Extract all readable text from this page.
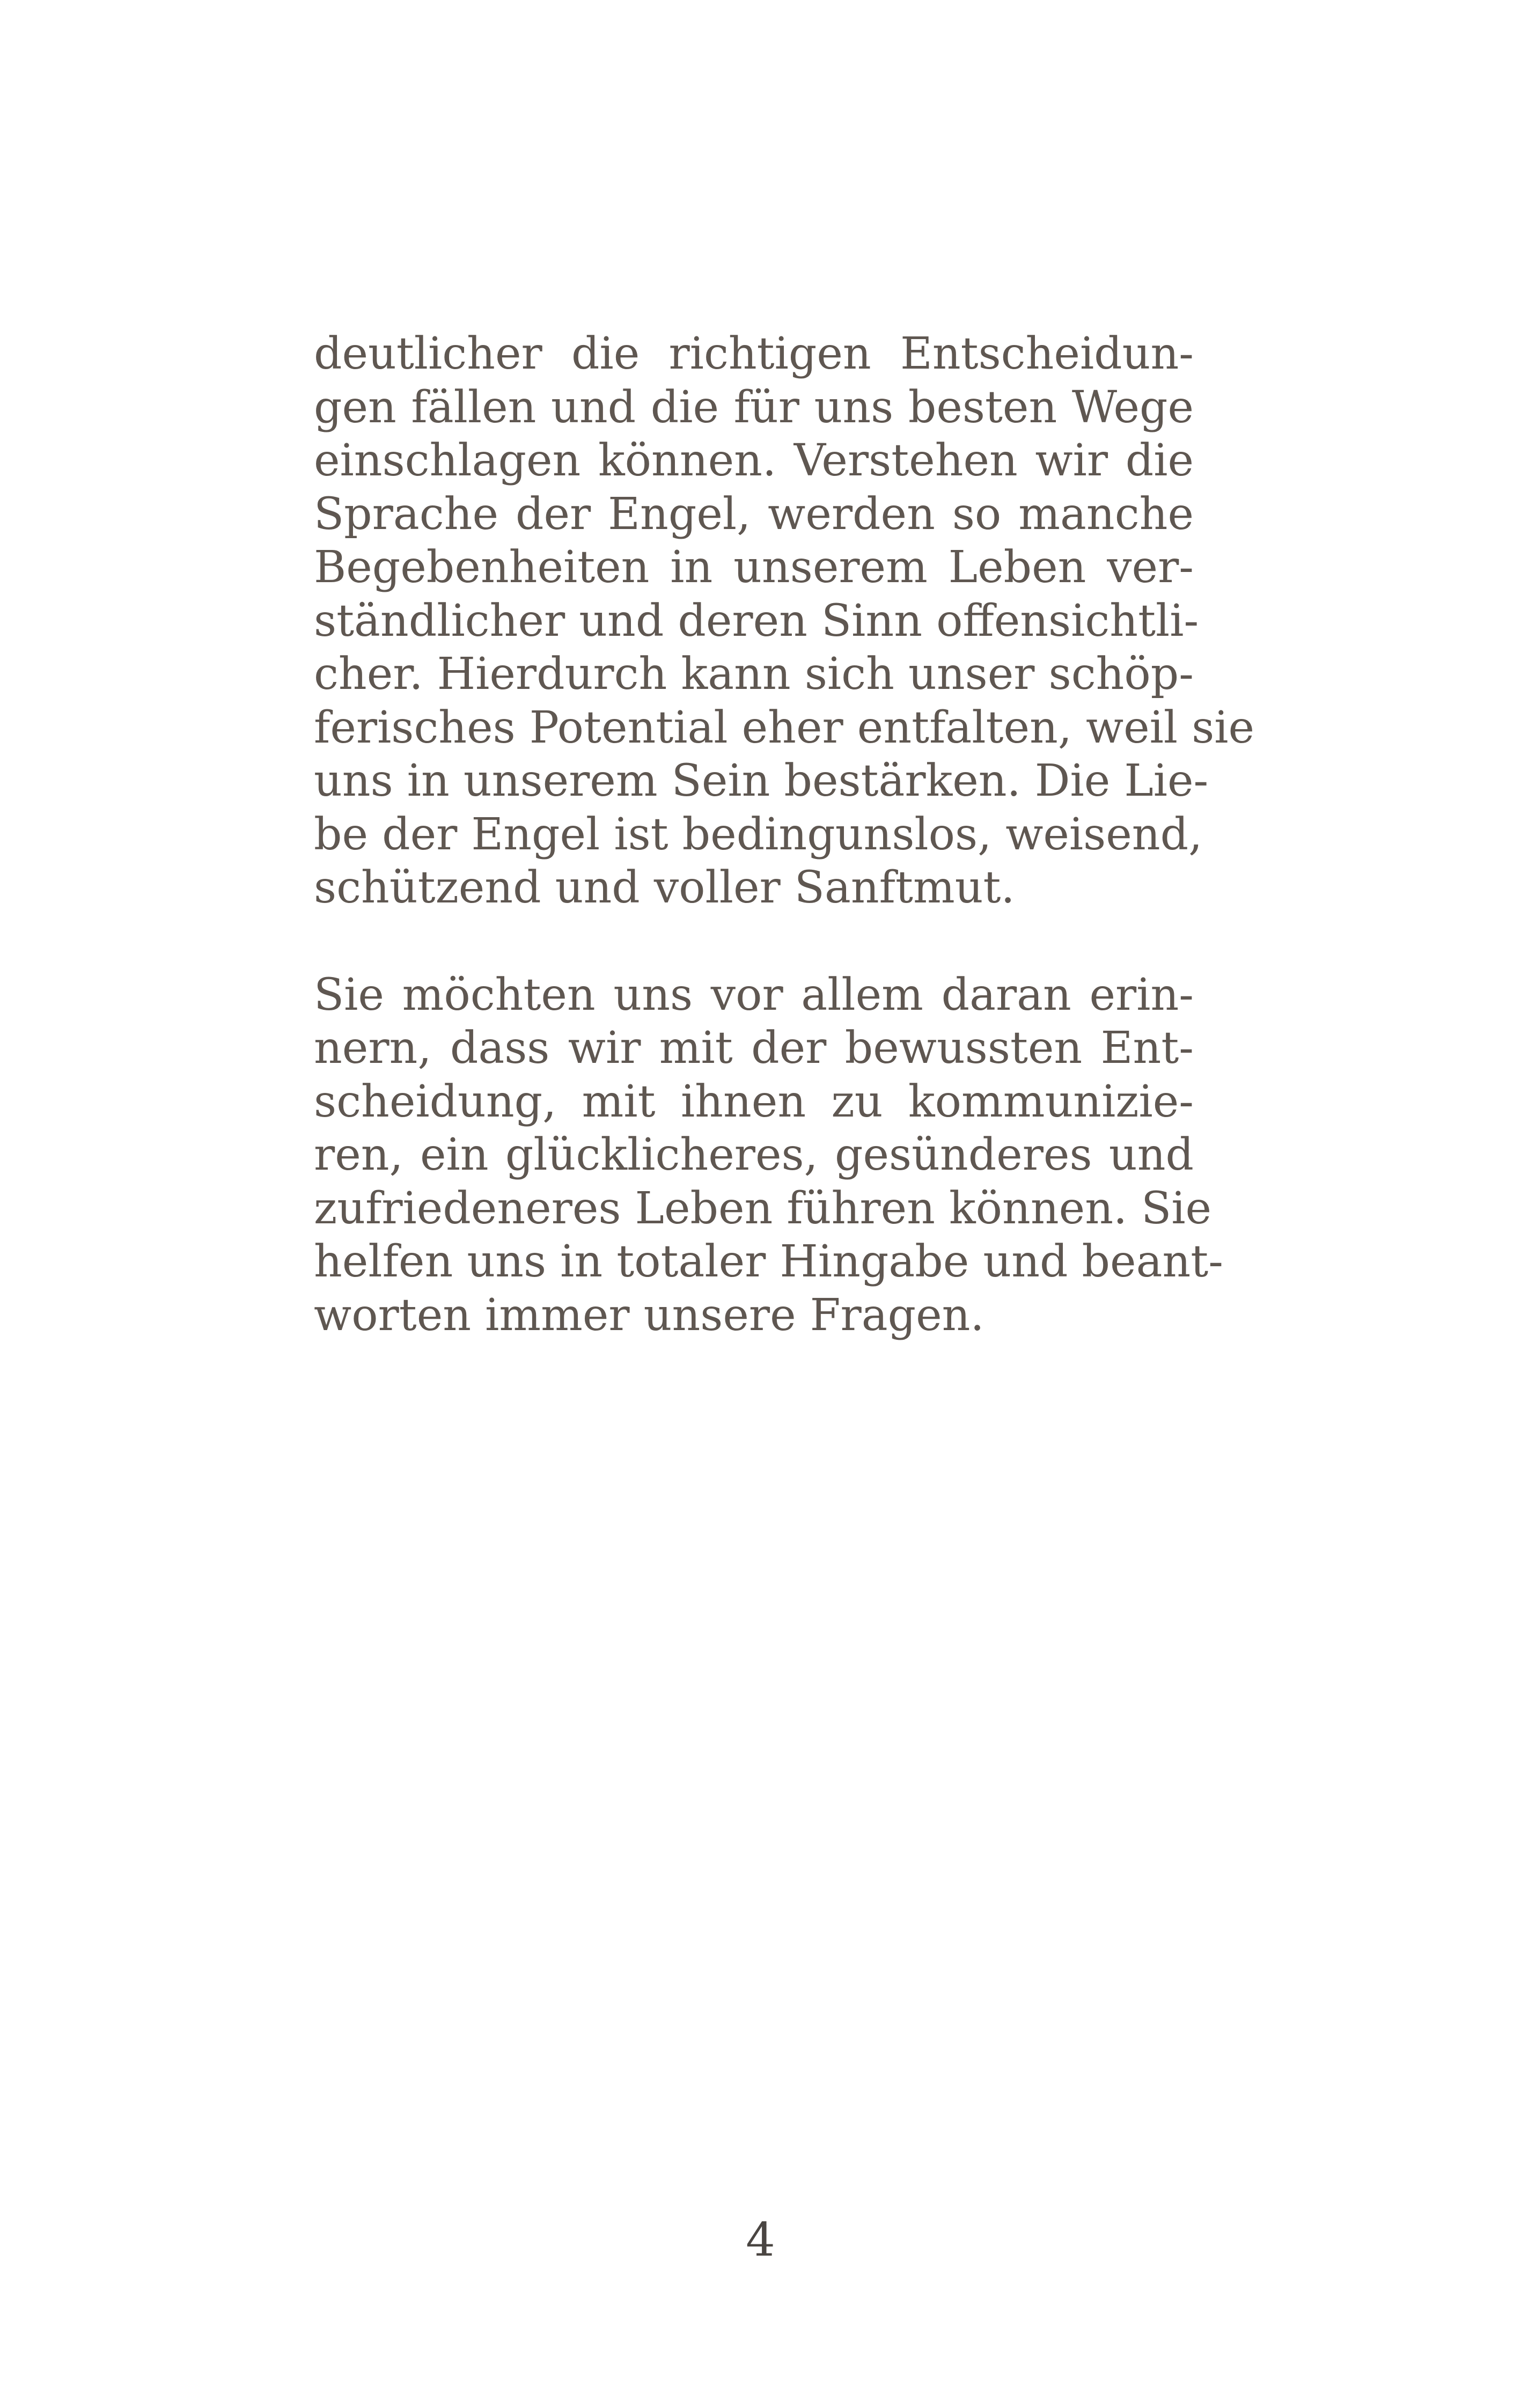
deutlicher die richtigen Entscheidun-
gen fällen und die für uns besten Wege
einschlagen können. Verstehen wir die
Sprache der Engel, werden so manche
Begebenheiten in unserem Leben ver-
ständlicher und deren Sinn offensichtli-
cher. Hierdurch kann sich unser schöp-
ferisches Potential eher entfalten, weil sie
uns in unserem Sein bestärken. Die Lie-
be der Engel ist bedingunslos, weisend,
schützend und voller Sanftmut.
Sie möchten uns vor allem daran erin-
nern, dass wir mit der bewussten Ent-
scheidung, mit ihnen zu kommunizie-
ren, ein glücklicheres, gesünderes und
zufriedeneres Leben führen können. Sie
helfen uns in totaler Hingabe und beant-
worten immer unsere Fragen.
4
